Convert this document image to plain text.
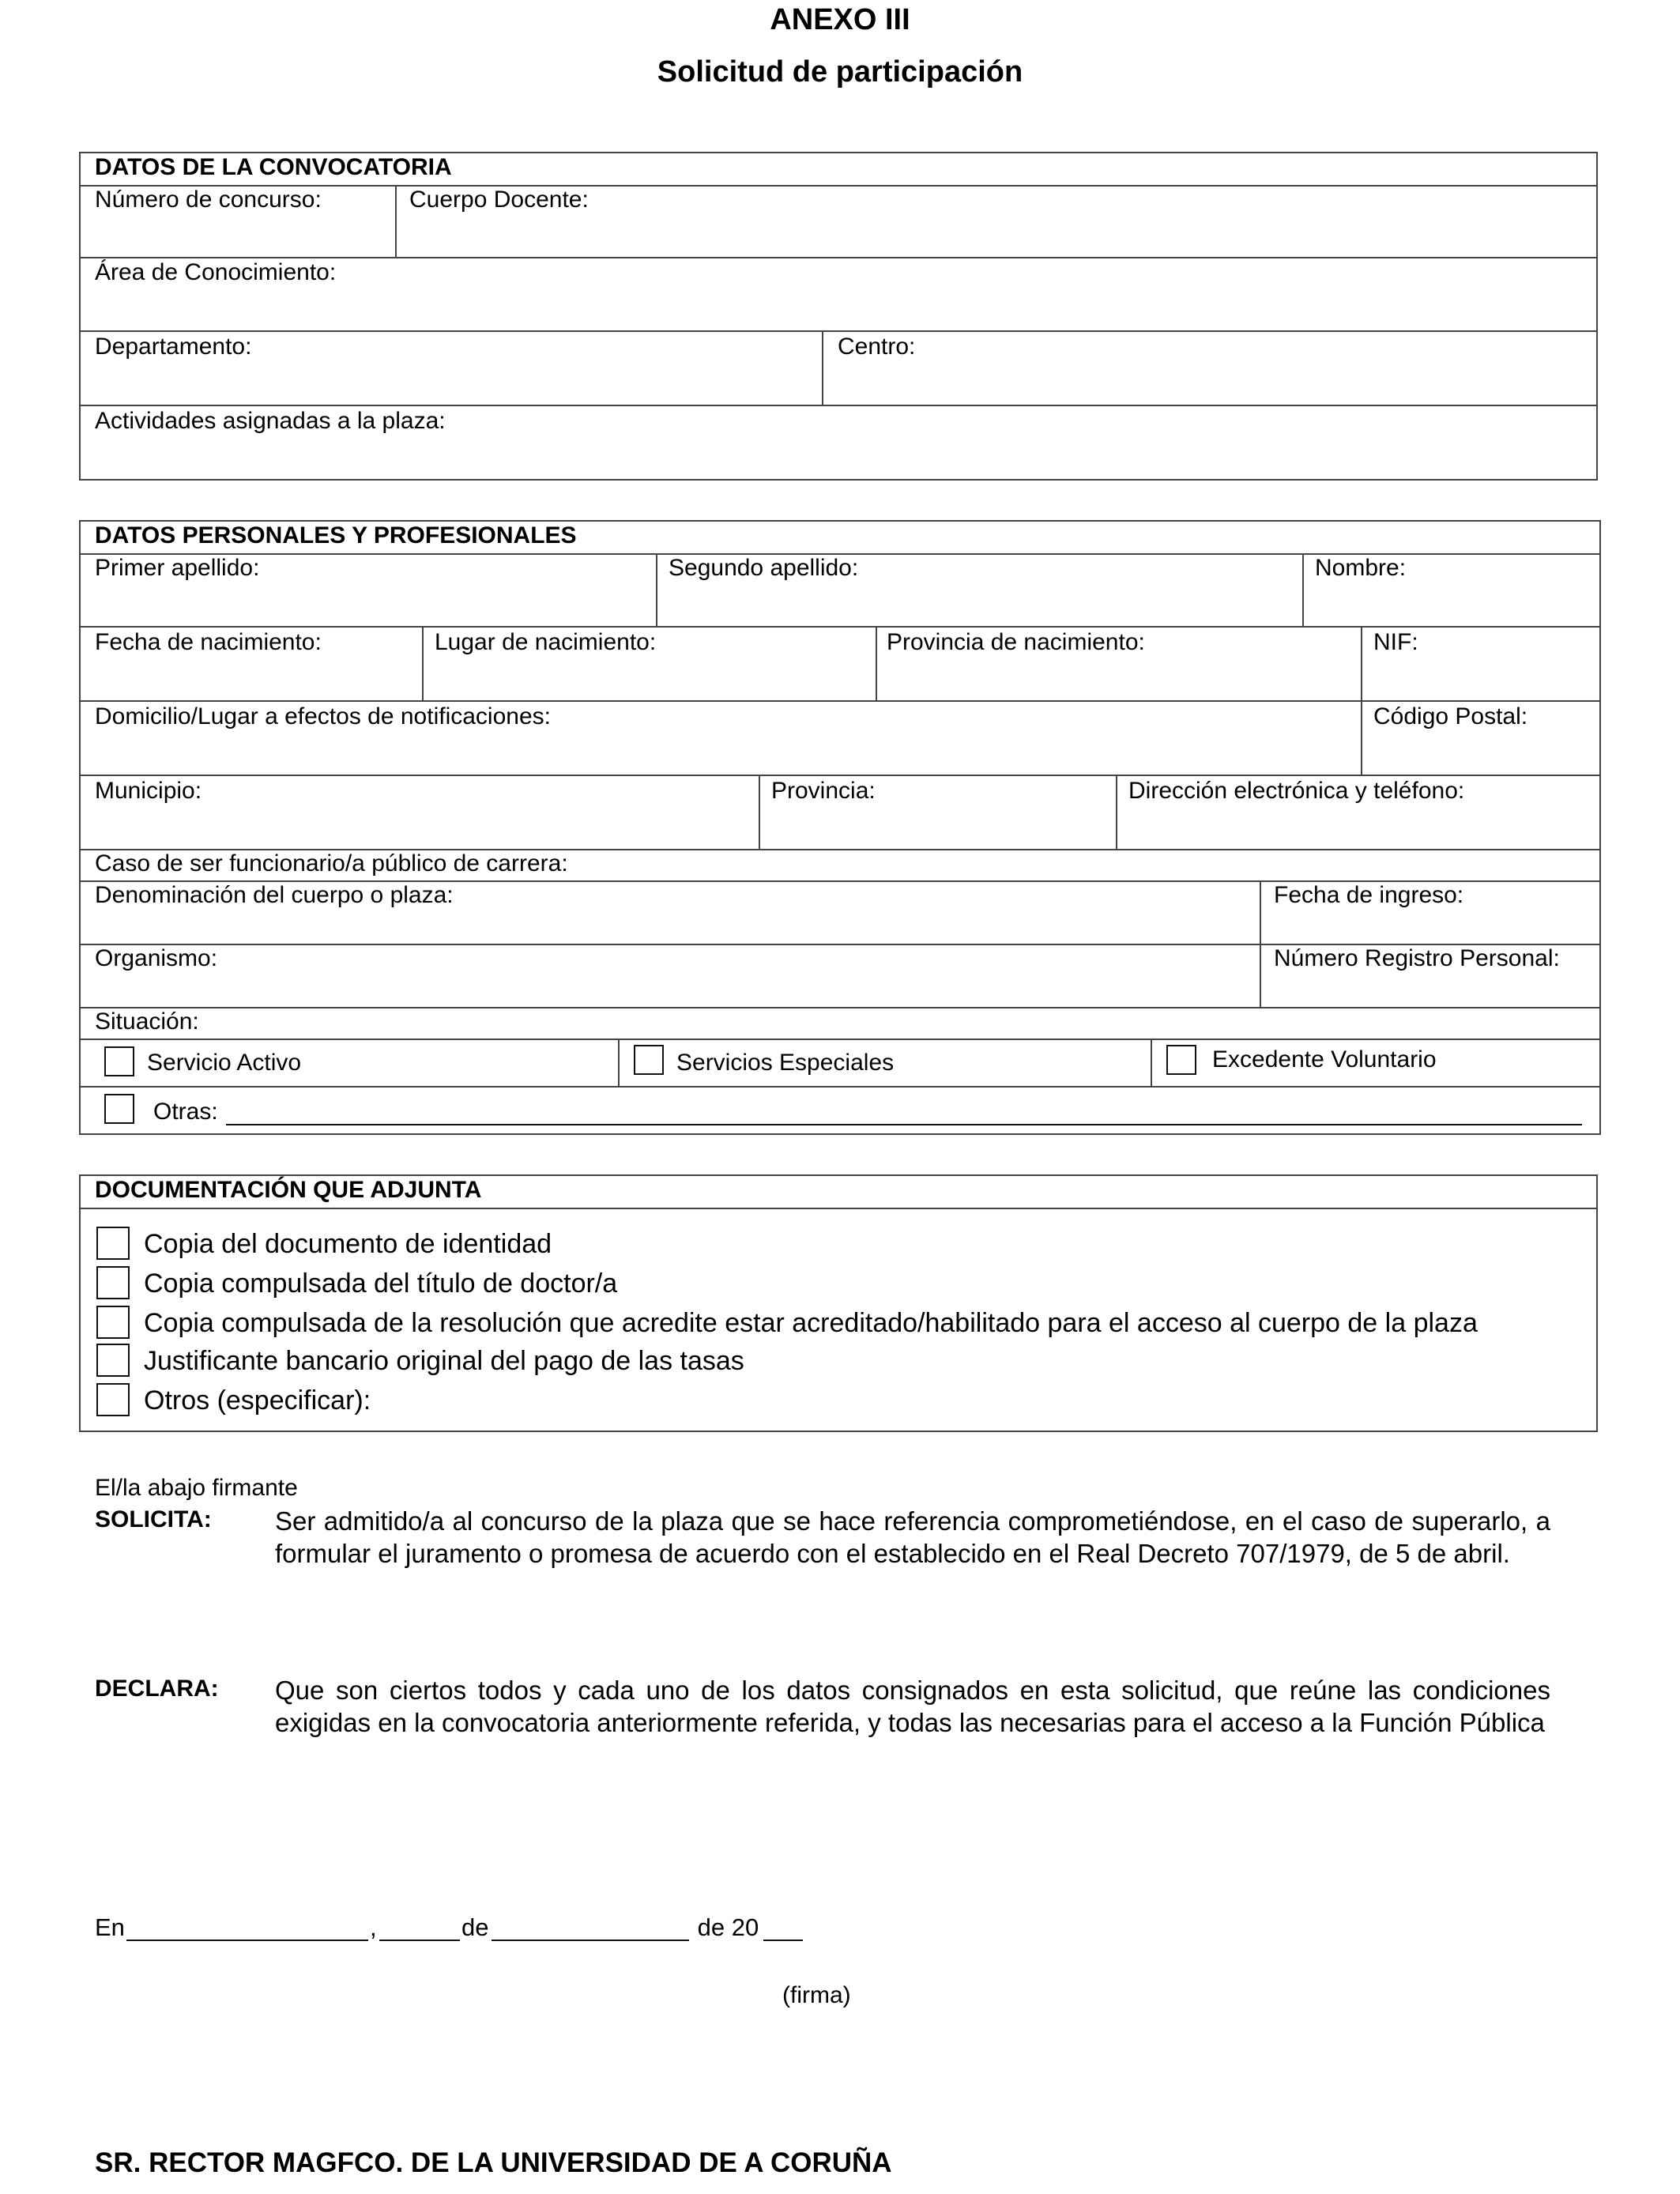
ANEXO III
Solicitud de participación
DATOS DE LA CONVOCATORIA
Número de concurso:	Cuerpo Docente:
Área de Conocimiento:
Departamento:	Centro:
Actividades asignadas a la plaza:
DATOS PERSONALES Y PROFESIONALES
Primer apellido:	Segundo apellido:	Nombre:
Fecha de nacimiento:	Lugar de nacimiento:	Provincia de nacimiento:	NIF:
Domicilio/Lugar a efectos de notificaciones:	Código Postal:
Municipio:	Provincia:	Dirección electrónica y teléfono:
Caso de ser funcionario/a público de carrera:
Denominación del cuerpo o plaza:	Fecha de ingreso:
Organismo:	Número Registro Personal:
Situación:
Servicio Activo	Servicios Especiales	Excedente Voluntario
Otras:
DOCUMENTACIÓN QUE ADJUNTA
Copia del documento de identidad
Copia compulsada del título de doctor/a
Copia compulsada de la resolución que acredite estar acreditado/habilitado para el acceso al cuerpo de la plaza
Justificante bancario original del pago de las tasas
Otros (especificar):
El/la abajo firmante
SOLICITA: Ser admitido/a al concurso de la plaza que se hace referencia comprometiéndose, en el caso de superarlo, a formular el juramento o promesa de acuerdo con el establecido en el Real Decreto 707/1979, de 5 de abril.
DECLARA: Que son ciertos todos y cada uno de los datos consignados en esta solicitud, que reúne las condiciones exigidas en la convocatoria anteriormente referida, y todas las necesarias para el acceso a la Función Pública
En	,	de	de 20
(firma)
SR. RECTOR MAGFCO. DE LA UNIVERSIDAD DE A CORUÑA
